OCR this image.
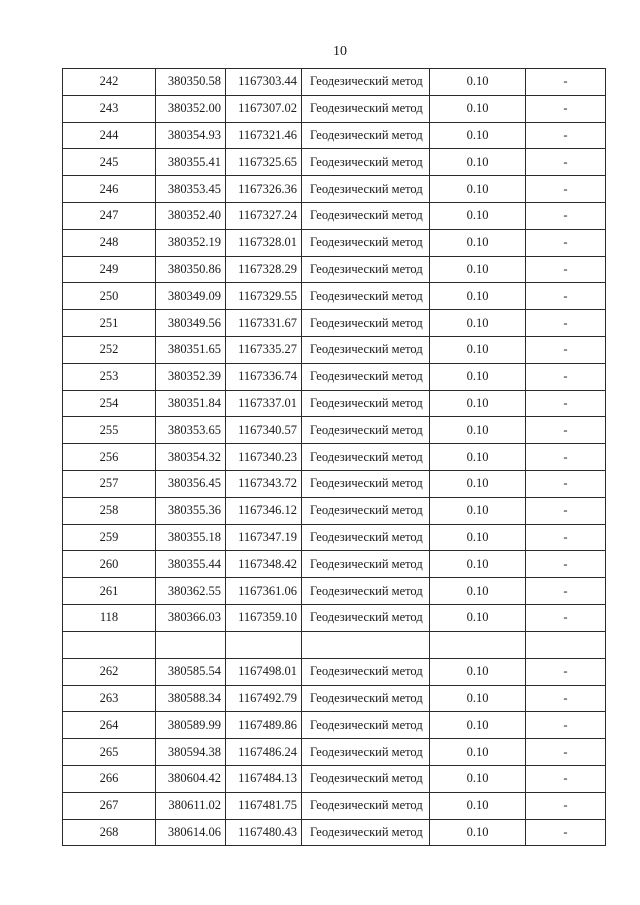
10
242	380350.58	1167303.44	Геодезический метод	0.10	-
243	380352.00	1167307.02	Геодезический метод	0.10	-
244	380354.93	1167321.46	Геодезический метод	0.10	-
245	380355.41	1167325.65	Геодезический метод	0.10	-
246	380353.45	1167326.36	Геодезический метод	0.10	-
247	380352.40	1167327.24	Геодезический метод	0.10	-
248	380352.19	1167328.01	Геодезический метод	0.10	-
249	380350.86	1167328.29	Геодезический метод	0.10	-
250	380349.09	1167329.55	Геодезический метод	0.10	-
251	380349.56	1167331.67	Геодезический метод	0.10	-
252	380351.65	1167335.27	Геодезический метод	0.10	-
253	380352.39	1167336.74	Геодезический метод	0.10	-
254	380351.84	1167337.01	Геодезический метод	0.10	-
255	380353.65	1167340.57	Геодезический метод	0.10	-
256	380354.32	1167340.23	Геодезический метод	0.10	-
257	380356.45	1167343.72	Геодезический метод	0.10	-
258	380355.36	1167346.12	Геодезический метод	0.10	-
259	380355.18	1167347.19	Геодезический метод	0.10	-
260	380355.44	1167348.42	Геодезический метод	0.10	-
261	380362.55	1167361.06	Геодезический метод	0.10	-
118	380366.03	1167359.10	Геодезический метод	0.10	-

262	380585.54	1167498.01	Геодезический метод	0.10	-
263	380588.34	1167492.79	Геодезический метод	0.10	-
264	380589.99	1167489.86	Геодезический метод	0.10	-
265	380594.38	1167486.24	Геодезический метод	0.10	-
266	380604.42	1167484.13	Геодезический метод	0.10	-
267	380611.02	1167481.75	Геодезический метод	0.10	-
268	380614.06	1167480.43	Геодезический метод	0.10	-
